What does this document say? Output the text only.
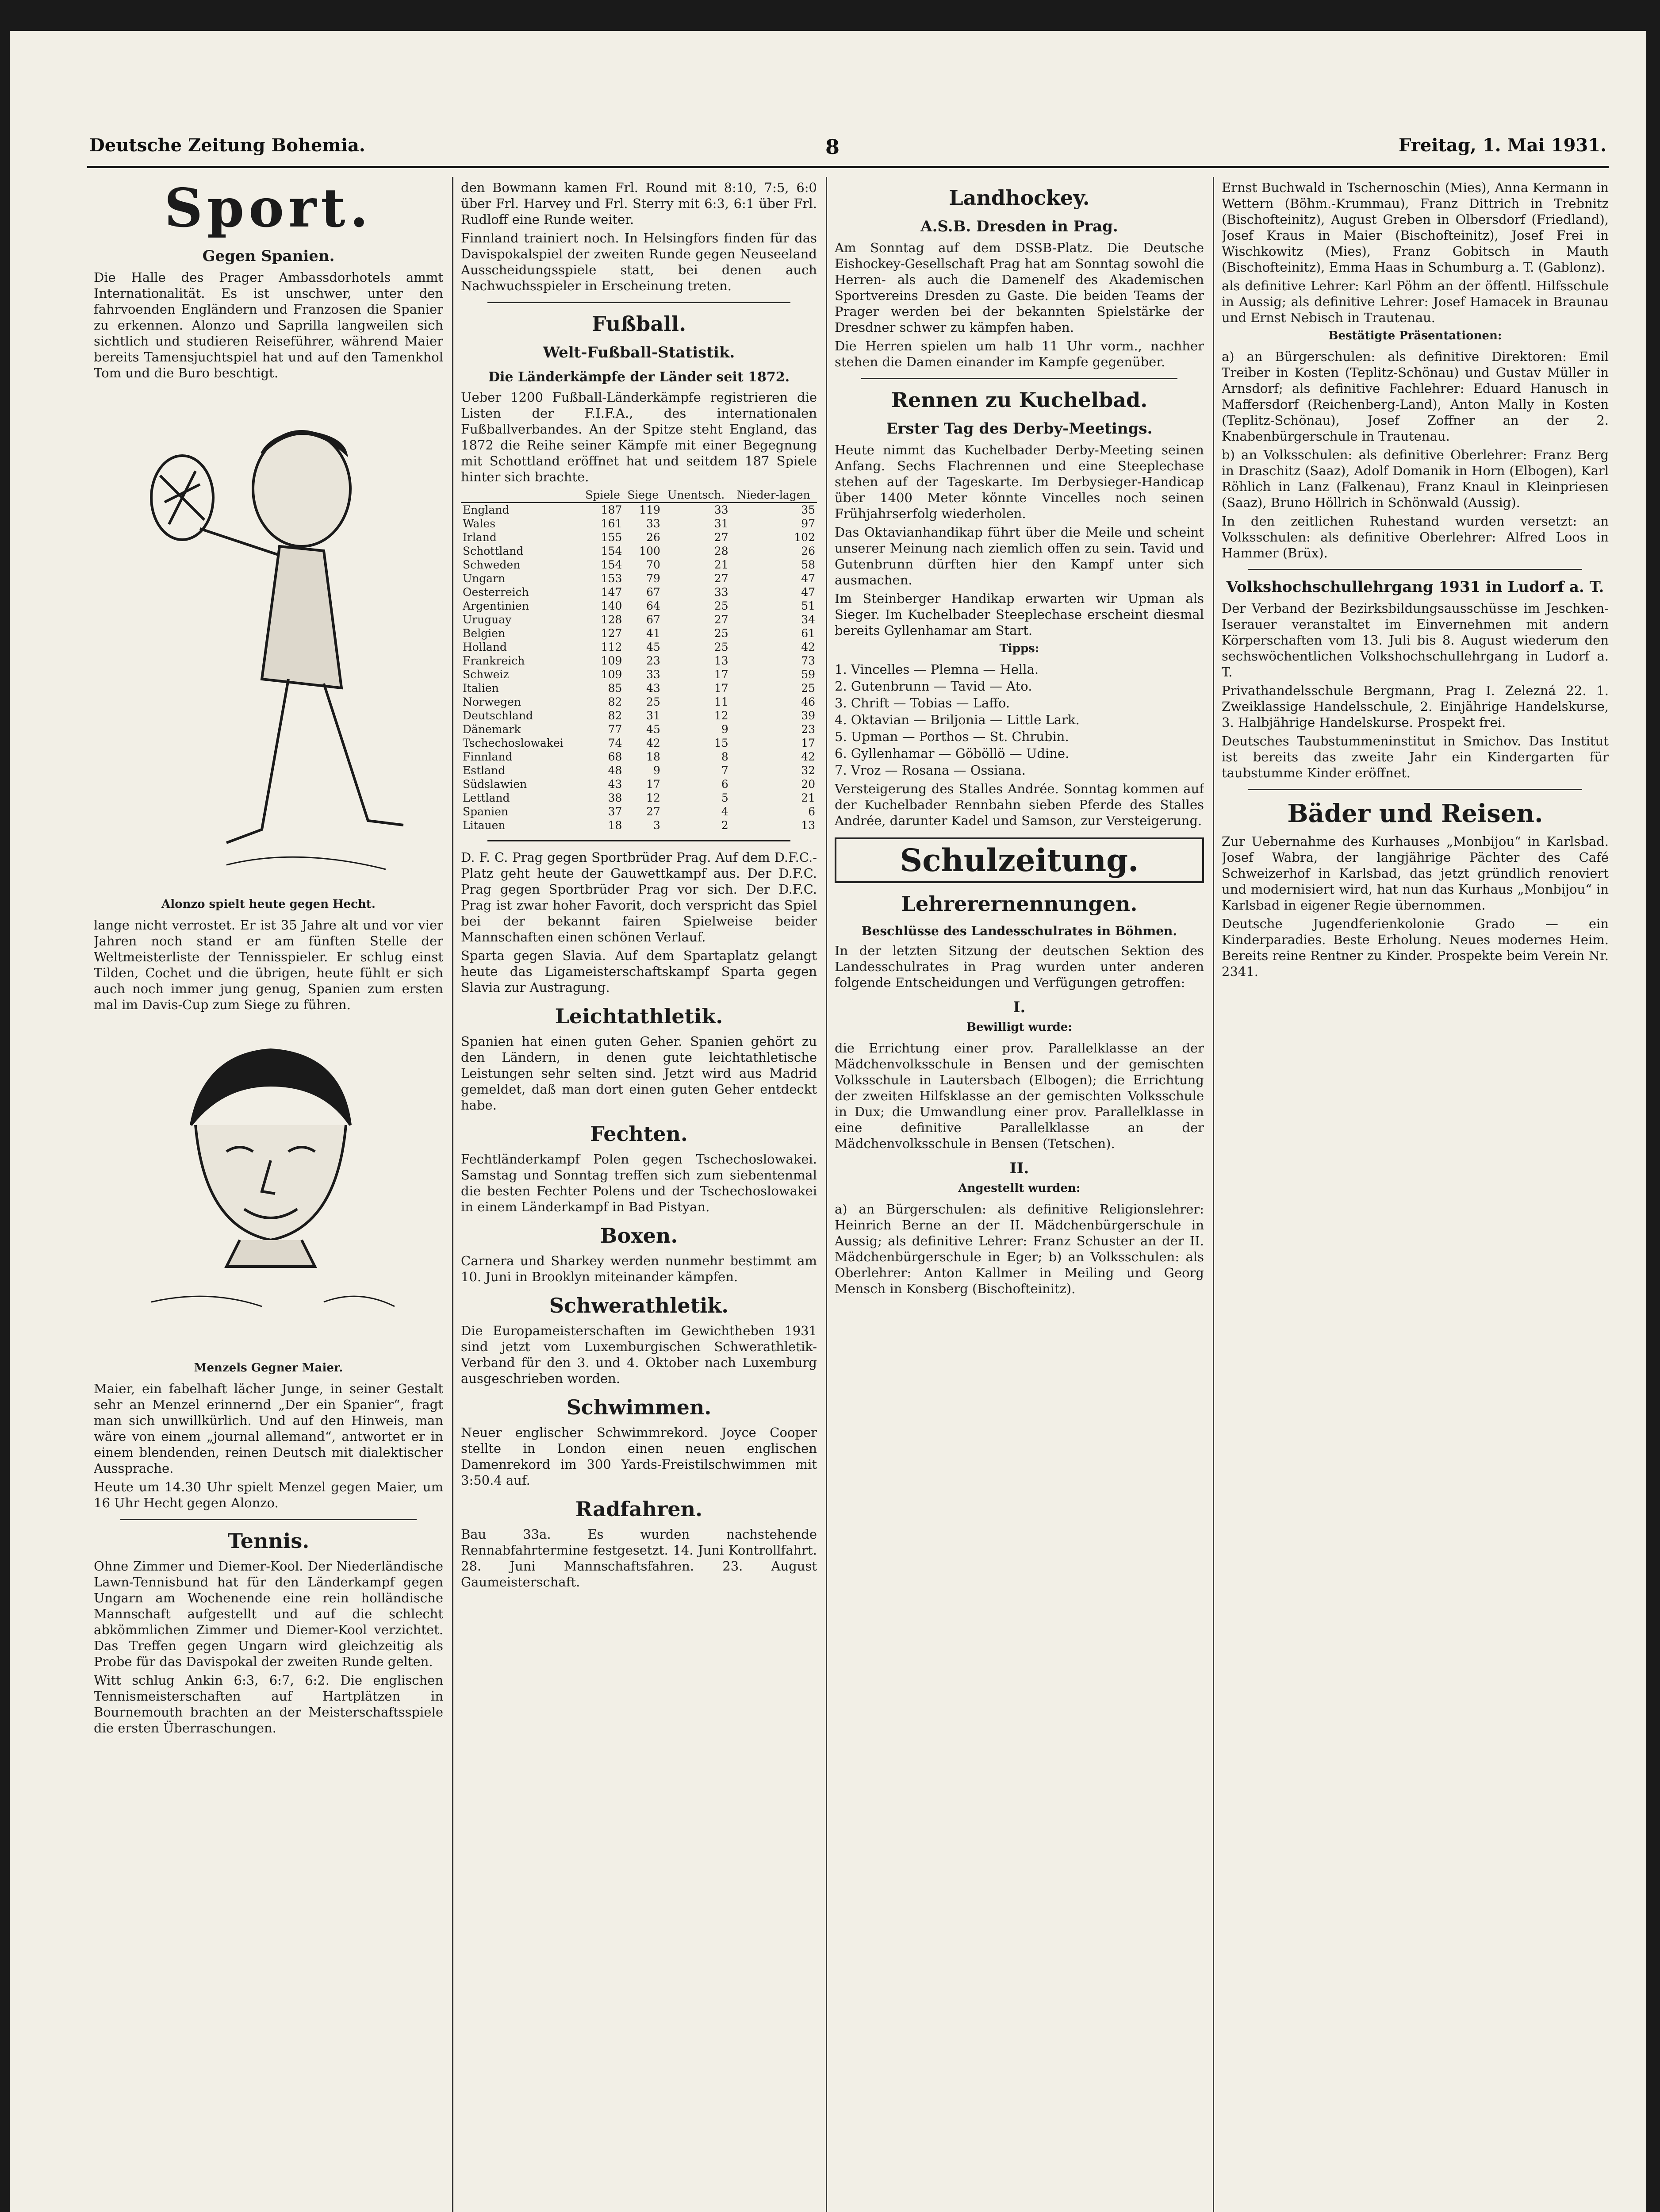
Deutsche Zeitung Bohemia.	8	Freitag, 1. Mai 1931.
Sport.
Gegen Spanien.
Die Halle des Prager Ambassdorhotels ammt Internationalität. Es ist unschwer, unter den fahrvoenden Engländern und Franzosen die Spanier zu erkennen. Alonzo und Saprilla langweilen sich sichtlich und studieren Reiseführer, während Maier bereits Tamensjuchtspiel hat und auf den Tamenkhol Tom und die Buro beschtigt.
Alonzo spielt heute gegen Hecht.
lange nicht verrostet. Er ist 35 Jahre alt und vor vier Jahren noch stand er am fünften Stelle der Weltmeisterliste der Tennisspieler. Er schlug einst Tilden, Cochet und die übrigen, heute fühlt er sich auch noch immer jung genug, Spanien zum ersten mal im Davis-Cup zum Siege zu führen.
Menzels Gegner Maier.
Maier, ein fabelhaft lächer Junge, in seiner Gestalt sehr an Menzel erinnernd „Der ein Spanier“, fragt man sich unwillkürlich. Und auf den Hinweis, man wäre von einem „journal allemand“, antwortet er in einem blendenden, reinen Deutsch mit dialektischer Aussprache.
Heute um 14.30 Uhr spielt Menzel gegen Maier, um 16 Uhr Hecht gegen Alonzo.
Tennis.
Ohne Zimmer und Diemer-Kool. Der Niederländische Lawn-Tennisbund hat für den Länderkampf gegen Ungarn am Wochenende eine rein holländische Mannschaft aufgestellt und auf die schlecht abkömmlichen Zimmer und Diemer-Kool verzichtet. Das Treffen gegen Ungarn wird gleichzeitig als Probe für das Davispokal der zweiten Runde gelten.
Witt schlug Ankin 6:3, 6:7, 6:2. Die englischen Tennismeisterschaften auf Hartplätzen in Bournemouth brachten an der Meisterschaftsspiele die ersten Überraschungen.
den Bowmann kamen Frl. Round mit 8:10, 7:5, 6:0 über Frl. Harvey und Frl. Sterry mit 6:3, 6:1 über Frl. Rudloff eine Runde weiter.
Finnland trainiert noch. In Helsingfors finden für das Davispokalspiel der zweiten Runde gegen Neuseeland Ausscheidungsspiele statt, bei denen auch Nachwuchsspieler in Erscheinung treten.
Fußball.
Welt-Fußball-Statistik.
Die Länderkämpfe der Länder seit 1872.
Ueber 1200 Fußball-Länderkämpfe registrieren die Listen der F.I.F.A., des internationalen Fußballverbandes. An der Spitze steht England, das 1872 die Reihe seiner Kämpfe mit einer Begegnung mit Schottland eröffnet hat und seitdem 187 Spiele hinter sich brachte.
	Spiele	Siege	Unentsch.	Nieder-lagen
England	187	119	33	35
Wales	161	33	31	97
Irland	155	26	27	102
Schottland	154	100	28	26
Schweden	154	70	21	58
Ungarn	153	79	27	47
Oesterreich	147	67	33	47
Argentinien	140	64	25	51
Uruguay	128	67	27	34
Belgien	127	41	25	61
Holland	112	45	25	42
Frankreich	109	23	13	73
Schweiz	109	33	17	59
Italien	85	43	17	25
Norwegen	82	25	11	46
Deutschland	82	31	12	39
Dänemark	77	45	9	23
Tschechoslowakei	74	42	15	17
Finnland	68	18	8	42
Estland	48	9	7	32
Südslawien	43	17	6	20
Lettland	38	12	5	21
Spanien	37	27	4	6
Litauen	18	3	2	13
D. F. C. Prag gegen Sportbrüder Prag. Auf dem D.F.C.-Platz geht heute der Gauwettkampf aus. Der D.F.C. Prag gegen Sportbrüder Prag vor sich. Der D.F.C. Prag ist zwar hoher Favorit, doch verspricht das Spiel bei der bekannt fairen Spielweise beider Mannschaften einen schönen Verlauf.
Sparta gegen Slavia. Auf dem Spartaplatz gelangt heute das Ligameisterschaftskampf Sparta gegen Slavia zur Austragung.
Leichtathletik.
Spanien hat einen guten Geher. Spanien gehört zu den Ländern, in denen gute leichtathletische Leistungen sehr selten sind. Jetzt wird aus Madrid gemeldet, daß man dort einen guten Geher entdeckt habe.
Fechten.
Fechtländerkampf Polen gegen Tschechoslowakei. Samstag und Sonntag treffen sich zum siebentenmal die besten Fechter Polens und der Tschechoslowakei in einem Länderkampf in Bad Pistyan.
Boxen.
Carnera und Sharkey werden nunmehr bestimmt am 10. Juni in Brooklyn miteinander kämpfen.
Schwerathletik.
Die Europameisterschaften im Gewichtheben 1931 sind jetzt vom Luxemburgischen Schwerathletik-Verband für den 3. und 4. Oktober nach Luxemburg ausgeschrieben worden.
Schwimmen.
Neuer englischer Schwimmrekord. Joyce Cooper stellte in London einen neuen englischen Damenrekord im 300 Yards-Freistilschwimmen mit 3:50.4 auf.
Radfahren.
Bau 33a. Es wurden nachstehende Rennabfahrtermine festgesetzt. 14. Juni Kontrollfahrt. 28. Juni Mannschaftsfahren. 23. August Gaumeisterschaft.
Landhockey.
A.S.B. Dresden in Prag.
Am Sonntag auf dem DSSB-Platz. Die Deutsche Eishockey-Gesellschaft Prag hat am Sonntag sowohl die Herren- als auch die Damenelf des Akademischen Sportvereins Dresden zu Gaste. Die beiden Teams der Prager werden bei der bekannten Spielstärke der Dresdner schwer zu kämpfen haben.
Die Herren spielen um halb 11 Uhr vorm., nachher stehen die Damen einander im Kampfe gegenüber.
Rennen zu Kuchelbad.
Erster Tag des Derby-Meetings.
Heute nimmt das Kuchelbader Derby-Meeting seinen Anfang. Sechs Flachrennen und eine Steeplechase stehen auf der Tageskarte. Im Derbysieger-Handicap über 1400 Meter könnte Vincelles noch seinen Frühjahrserfolg wiederholen.
Das Oktavianhandikap führt über die Meile und scheint unserer Meinung nach ziemlich offen zu sein. Tavid und Gutenbrunn dürften hier den Kampf unter sich ausmachen.
Im Steinberger Handikap erwarten wir Upman als Sieger. Im Kuchelbader Steeplechase erscheint diesmal bereits Gyllenhamar am Start.
Tipps:
1. Vincelles — Plemna — Hella.
2. Gutenbrunn — Tavid — Ato.
3. Chrift — Tobias — Laffo.
4. Oktavian — Briljonia — Little Lark.
5. Upman — Porthos — St. Chrubin.
6. Gyllenhamar — Göböllö — Udine.
7. Vroz — Rosana — Ossiana.
Versteigerung des Stalles Andrée. Sonntag kommen auf der Kuchelbader Rennbahn sieben Pferde des Stalles Andrée, darunter Kadel und Samson, zur Versteigerung.
Schulzeitung.
Lehrerernennungen.
Beschlüsse des Landesschulrates in Böhmen.
In der letzten Sitzung der deutschen Sektion des Landesschulrates in Prag wurden unter anderen folgende Entscheidungen und Verfügungen getroffen:
I.
Bewilligt wurde:
die Errichtung einer prov. Parallelklasse an der Mädchenvolksschule in Bensen und der gemischten Volksschule in Lautersbach (Elbogen); die Errichtung der zweiten Hilfsklasse an der gemischten Volksschule in Dux; die Umwandlung einer prov. Parallelklasse in eine definitive Parallelklasse an der Mädchenvolksschule in Bensen (Tetschen).
II.
Angestellt wurden:
a) an Bürgerschulen: als definitive Religionslehrer: Heinrich Berne an der II. Mädchenbürgerschule in Aussig; als definitive Lehrer: Franz Schuster an der II. Mädchenbürgerschule in Eger; b) an Volksschulen: als Oberlehrer: Anton Kallmer in Meiling und Georg Mensch in Konsberg (Bischofteinitz).
Ernst Buchwald in Tschernoschin (Mies), Anna Kermann in Wettern (Böhm.-Krummau), Franz Dittrich in Trebnitz (Bischofteinitz), August Greben in Olbersdorf (Friedland), Josef Kraus in Maier (Bischofteinitz), Josef Frei in Wischkowitz (Mies), Franz Gobitsch in Mauth (Bischofteinitz), Emma Haas in Schumburg a. T. (Gablonz).
als definitive Lehrer: Karl Pöhm an der öffentl. Hilfsschule in Aussig; als definitive Lehrer: Josef Hamacek in Braunau und Ernst Nebisch in Trautenau.
Bestätigte Präsentationen:
a) an Bürgerschulen: als definitive Direktoren: Emil Treiber in Kosten (Teplitz-Schönau) und Gustav Müller in Arnsdorf; als definitive Fachlehrer: Eduard Hanusch in Maffersdorf (Reichenberg-Land), Anton Mally in Kosten (Teplitz-Schönau), Josef Zoffner an der 2. Knabenbürgerschule in Trautenau.
b) an Volksschulen: als definitive Oberlehrer: Franz Berg in Draschitz (Saaz), Adolf Domanik in Horn (Elbogen), Karl Röhlich in Lanz (Falkenau), Franz Knaul in Kleinpriesen (Saaz), Bruno Höllrich in Schönwald (Aussig).
In den zeitlichen Ruhestand wurden versetzt: an Volksschulen: als definitive Oberlehrer: Alfred Loos in Hammer (Brüx).
Volkshochschullehrgang 1931 in Ludorf a. T.
Der Verband der Bezirksbildungsausschüsse im Jeschken-Iserauer veranstaltet im Einvernehmen mit andern Körperschaften vom 13. Juli bis 8. August wiederum den sechswöchentlichen Volkshochschullehrgang in Ludorf a. T.
Privathandelsschule Bergmann, Prag I. Zelezná 22. 1. Zweiklassige Handelsschule, 2. Einjährige Handelskurse, 3. Halbjährige Handelskurse. Prospekt frei.
Deutsches Taubstummeninstitut in Smichov. Das Institut ist bereits das zweite Jahr ein Kindergarten für taubstumme Kinder eröffnet.
Bäder und Reisen.
Zur Uebernahme des Kurhauses „Monbijou“ in Karlsbad. Josef Wabra, der langjährige Pächter des Café Schweizerhof in Karlsbad, das jetzt gründlich renoviert und modernisiert wird, hat nun das Kurhaus „Monbijou“ in Karlsbad in eigener Regie übernommen.
Deutsche Jugendferienkolonie Grado — ein Kinderparadies. Beste Erholung. Neues modernes Heim. Bereits reine Rentner zu Kinder. Prospekte beim Verein Nr. 2341.
